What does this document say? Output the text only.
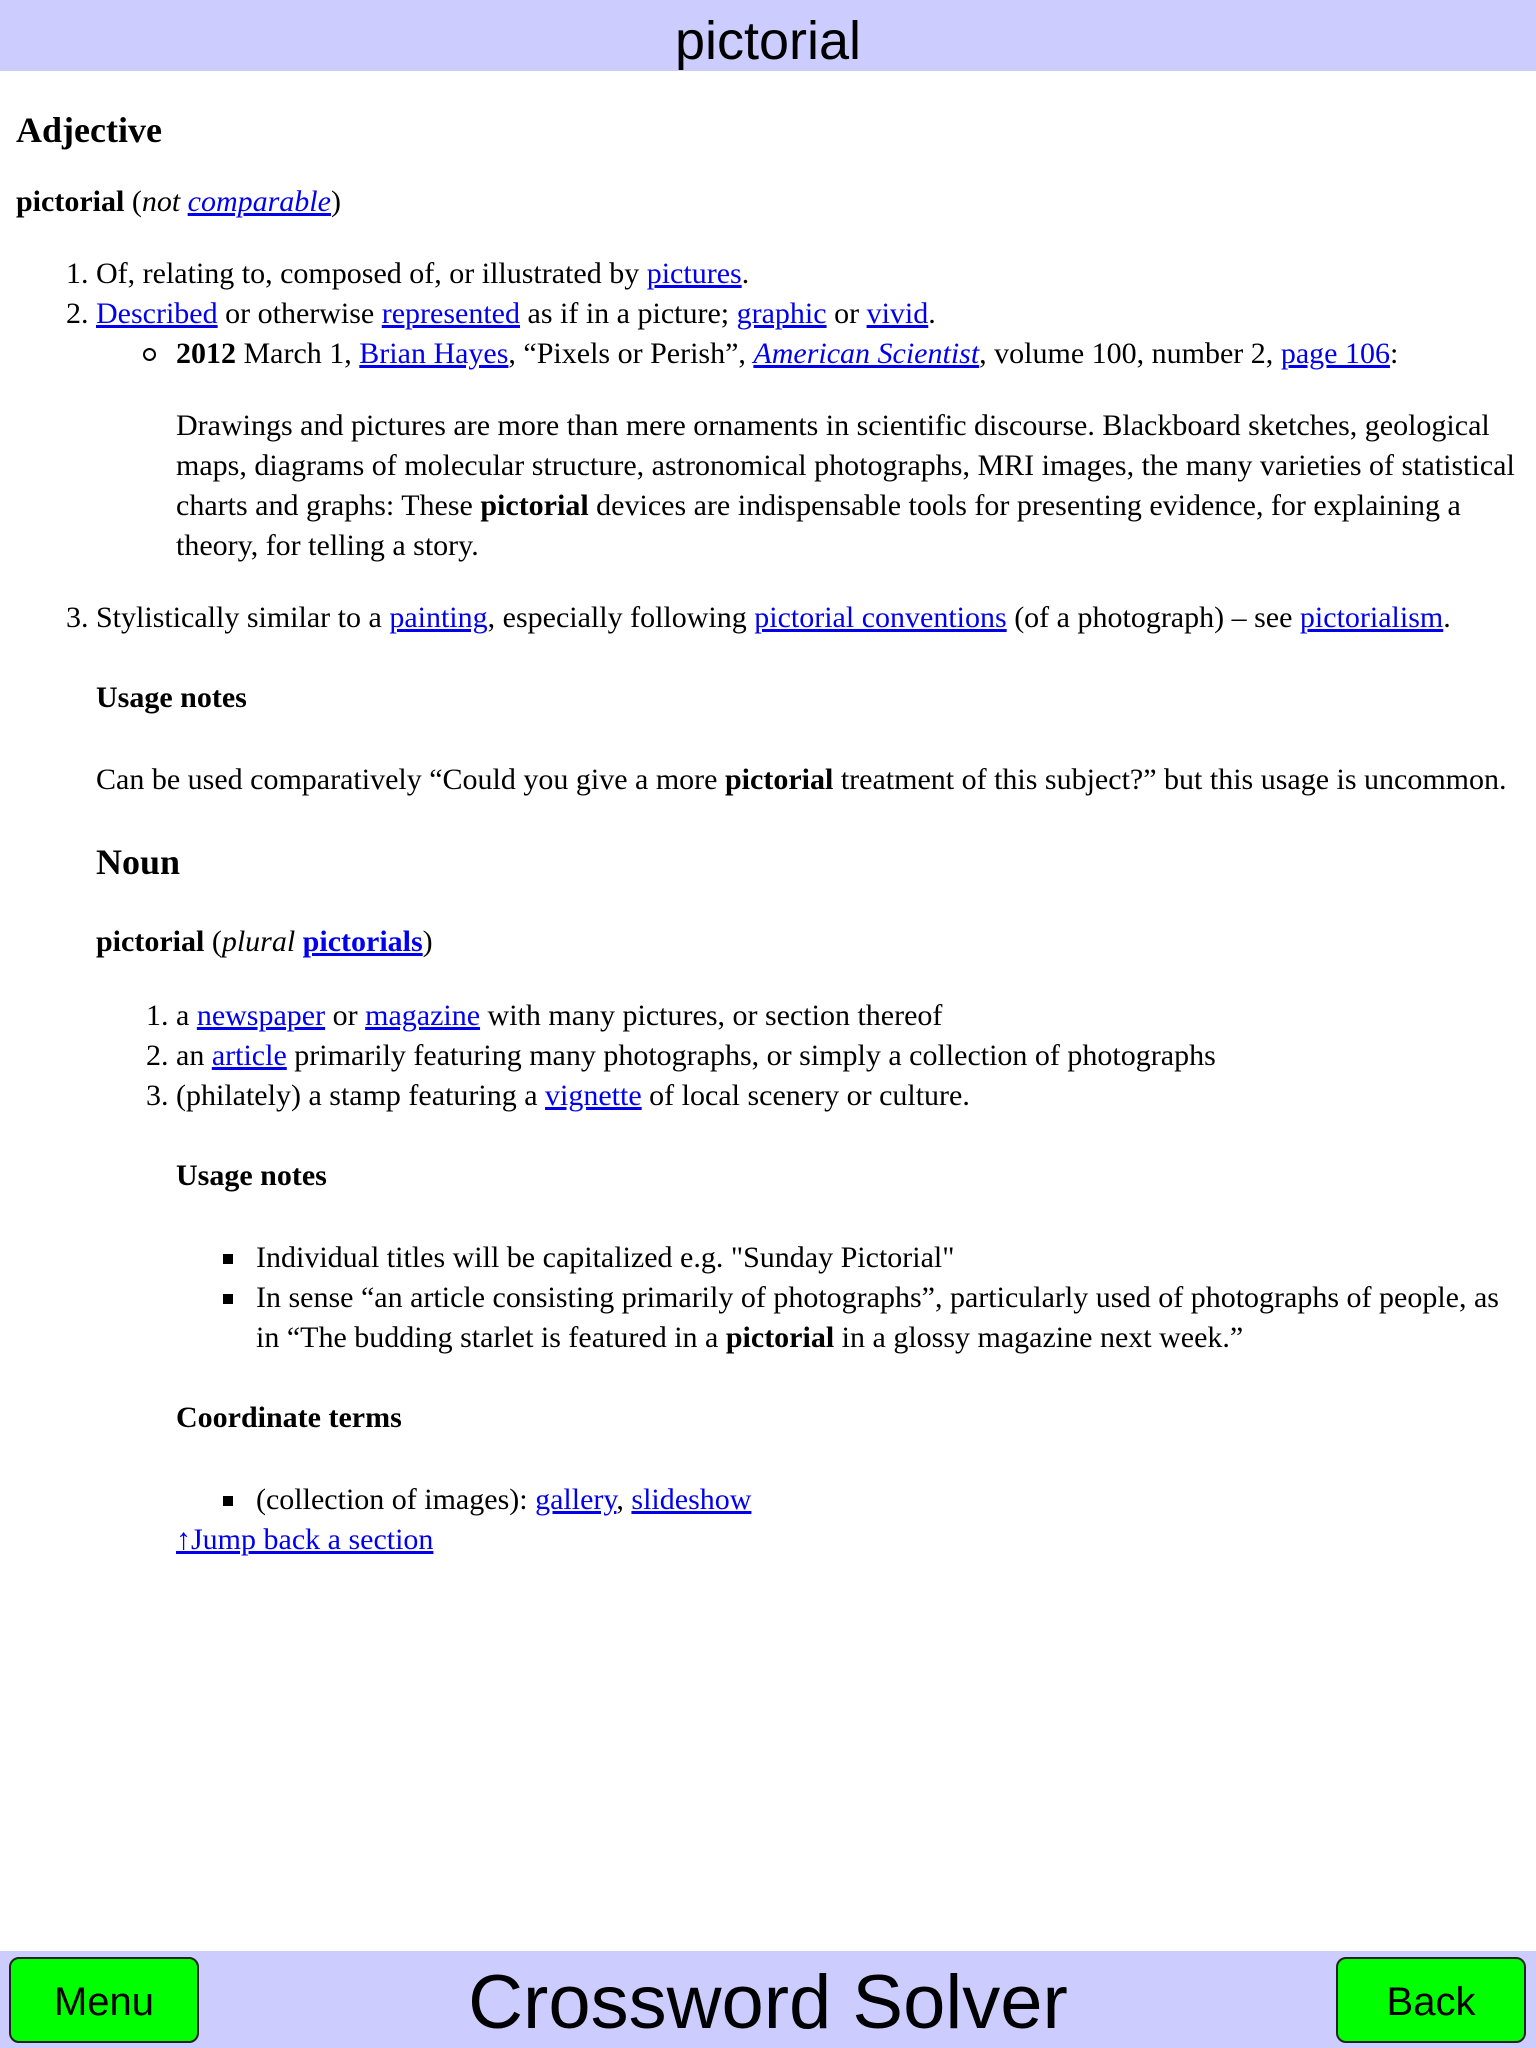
pictorial
Adjective

pictorial (not comparable)

1. Of, relating to, composed of, or illustrated by pictures.
2. Described or otherwise represented as if in a picture; graphic or vivid.
2012 March 1, Brian Hayes, “Pixels or Perish”, American Scientist, volume 100, number 2, page 106:

Drawings and pictures are more than mere ornaments in scientific discourse. Blackboard sketches, geological maps, diagrams of molecular structure, astronomical photographs, MRI images, the many varieties of statistical charts and graphs: These pictorial devices are indispensable tools for presenting evidence, for explaining a theory, for telling a story.

3. Stylistically similar to a painting, especially following pictorial conventions (of a photograph) – see pictorialism.

Usage notes

Can be used comparatively “Could you give a more pictorial treatment of this subject?” but this usage is uncommon.

Noun

pictorial (plural pictorials)

1. a newspaper or magazine with many pictures, or section thereof
2. an article primarily featuring many photographs, or simply a collection of photographs
3. (philately) a stamp featuring a vignette of local scenery or culture.

Usage notes

Individual titles will be capitalized e.g. "Sunday Pictorial"
In sense “an article consisting primarily of photographs”, particularly used of photographs of people, as in “The budding starlet is featured in a pictorial in a glossy magazine next week.”

Coordinate terms

(collection of images): gallery, slideshow
↑Jump back a section
Crossword Solver
Menu	Back
